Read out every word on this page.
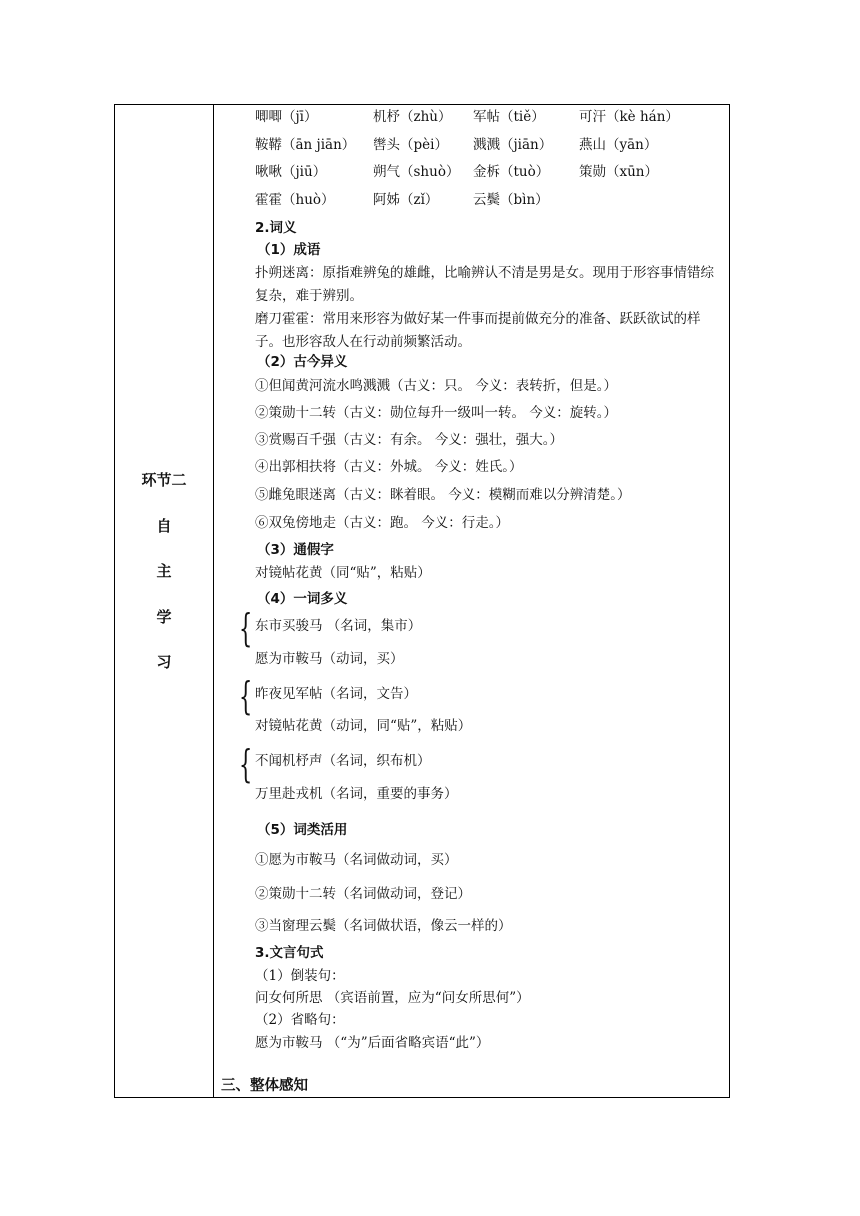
环节二
自
主
学
习
唧唧（jī）	机杼（zhù） 军帖（tiě）	可汗（kè hán）
鞍鞯（ān jiān） 辔头（pèi） 溅溅（jiān） 燕山（yān）
啾啾（jiū）	朔气（shuò） 金柝（tuò） 策勋（xūn）
霍霍（huò）	阿姊（zǐ）	云鬓（bìn）
2.词义
（1）成语
扑朔迷离：原指难辨兔的雄雌，比喻辨认不清是男是女。现用于形容事情错综复杂，难于辨别。
磨刀霍霍：常用来形容为做好某一件事而提前做充分的准备、跃跃欲试的样子。也形容敌人在行动前频繁活动。
（2）古今异义
①但闻黄河流水鸣溅溅（古义：只。 今义：表转折，但是。）
②策勋十二转（古义：勋位每升一级叫一转。 今义：旋转。）
③赏赐百千强（古义：有余。 今义：强壮，强大。）
④出郭相扶将（古义：外城。 今义：姓氏。）
⑤雌兔眼迷离（古义：眯着眼。 今义：模糊而难以分辨清楚。）
⑥双兔傍地走（古义：跑。 今义：行走。）
（3）通假字
对镜帖花黄（同“贴”，粘贴）
（4）一词多义
{ 东市买骏马 （名词，集市）
愿为市鞍马（动词，买）
{ 昨夜见军帖（名词，文告）
对镜帖花黄（动词，同“贴”，粘贴）
{ 不闻机杼声（名词，织布机）
万里赴戎机（名词，重要的事务）
（5）词类活用
①愿为市鞍马（名词做动词，买）
②策勋十二转（名词做动词，登记）
③当窗理云鬓（名词做状语，像云一样的）
3.文言句式
（1）倒装句：
问女何所思 （宾语前置，应为“问女所思何”）
（2）省略句：
愿为市鞍马 （“为”后面省略宾语“此”）
三、整体感知
